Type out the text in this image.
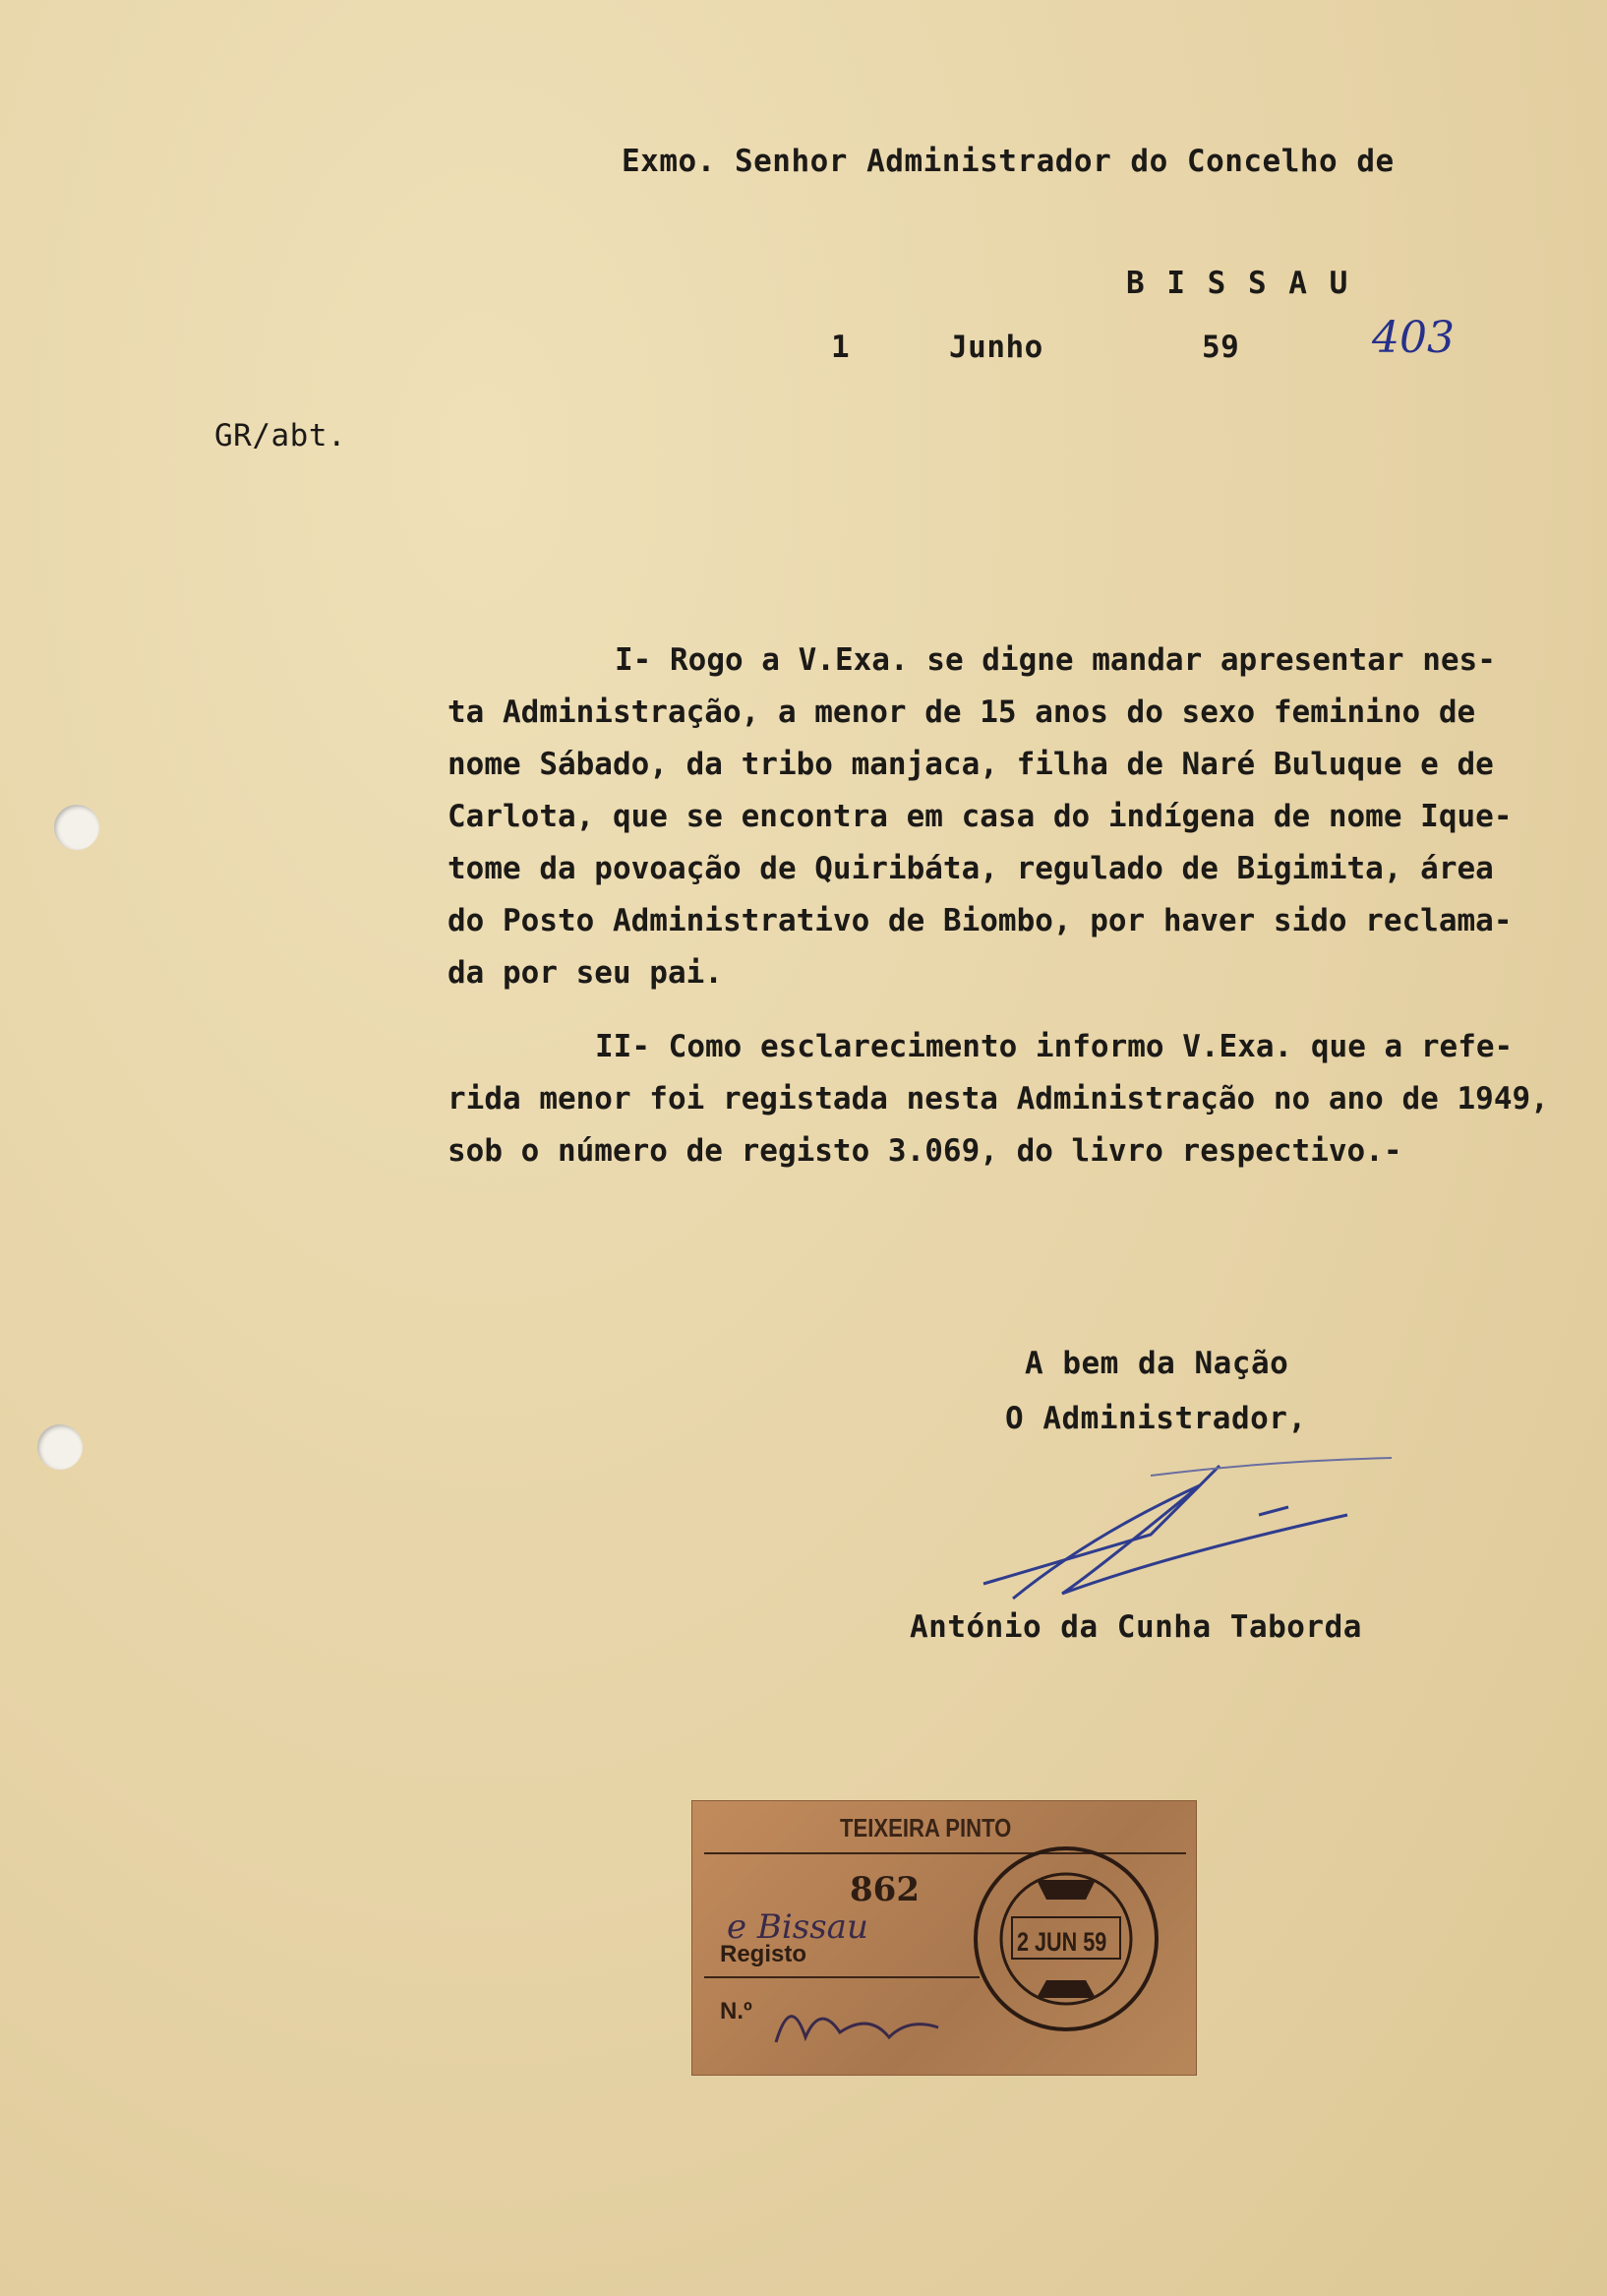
Exmo. Senhor Administrador do Concelho de
B I S S A U
1	Junho	59	403
GR/abt.
I- Rogo a V.Exa. se digne mandar apresentar nes-
ta Administração, a menor de 15 anos do sexo feminino de
nome Sábado, da tribo manjaca, filha de Naré Buluque e de
Carlota, que se encontra em casa do indígena de nome Ique-
tome da povoação de Quiribáta, regulado de Bigimita, área
do Posto Administrativo de Biombo, por haver sido reclama-
da por seu pai.
II- Como esclarecimento informo V.Exa. que a refe-
rida menor foi registada nesta Administração no ano de 1949,
sob o número de registo 3.069, do livro respectivo.-
A bem da Nação
O Administrador,
António da Cunha Taborda
TEIXEIRA PINTO
862
e Bissau
Registo
N.º
2 JUN 59
